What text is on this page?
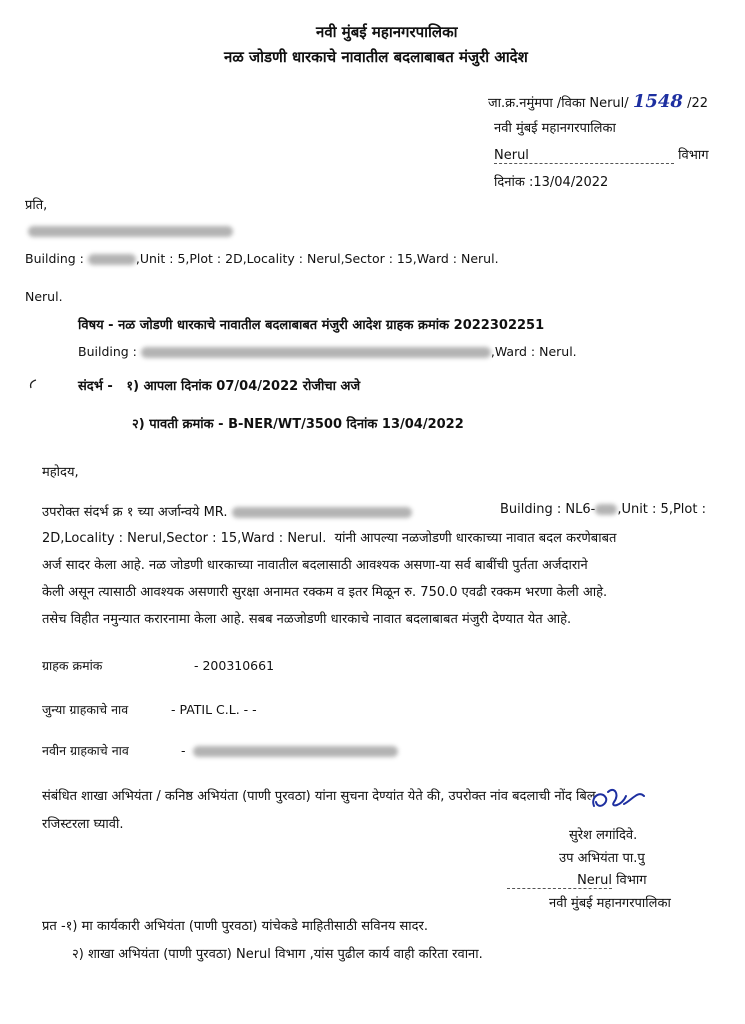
नवी मुंबई महानगरपालिका
नळ जोडणी धारकाचे नावातील बदलाबाबत मंजुरी आदेश
जा.क्र.नमुंमपा /विका Nerul/ 1548 /22
नवी मुंबई महानगरपालिका
Nerul	विभाग
दिनांक :13/04/2022
प्रति,
Building :	,Unit : 5,Plot : 2D,Locality : Nerul,Sector : 15,Ward : Nerul.
Nerul.
विषय - नळ जोडणी धारकाचे नावातील बदलाबाबत मंजुरी आदेश ग्राहक क्रमांक 2022302251
Building :	,Ward : Nerul.
संदर्भ - १) आपला दिनांक 07/04/2022 रोजीचा अजे
२) पावती क्रमांक - B-NER/WT/3500 दिनांक 13/04/2022
महोदय,
उपरोक्त संदर्भ क्र १ च्या अर्जान्वये MR.	Building : NL6- ,Unit : 5,Plot :
2D,Locality : Nerul,Sector : 15,Ward : Nerul. यांनी आपल्या नळजोडणी धारकाच्या नावात बदल करणेबाबत
अर्ज सादर केला आहे. नळ जोडणी धारकाच्या नावातील बदलासाठी आवश्यक असणा-या सर्व बाबींची पुर्तता अर्जदाराने
केली असून त्यासाठी आवश्यक असणारी सुरक्षा अनामत रक्कम व इतर मिळून रु. 750.0 एवढी रक्कम भरणा केली आहे.
तसेच विहीत नमुन्यात करारनामा केला आहे. सबब नळजोडणी धारकाचे नावात बदलाबाबत मंजुरी देण्यात येत आहे.
ग्राहक क्रमांक	- 200310661
जुन्या ग्राहकाचे नाव	- PATIL C.L. - -
नवीन ग्राहकाचे नाव	-
संबंधित शाखा अभियंता / कनिष्ठ अभियंता (पाणी पुरवठा) यांना सुचना देण्यांत येते की, उपरोक्त नांव बदलाची नोंद बिल
रजिस्टरला घ्यावी.
सुरेश लगांदिवे.
उप अभियंता पा.पु
Nerul विभाग
नवी मुंबई महानगरपालिका
प्रत -१) मा कार्यकारी अभियंता (पाणी पुरवठा) यांचेकडे माहितीसाठी सविनय सादर.
२) शाखा अभियंता (पाणी पुरवठा) Nerul विभाग ,यांस पुढील कार्य वाही करिता रवाना.
